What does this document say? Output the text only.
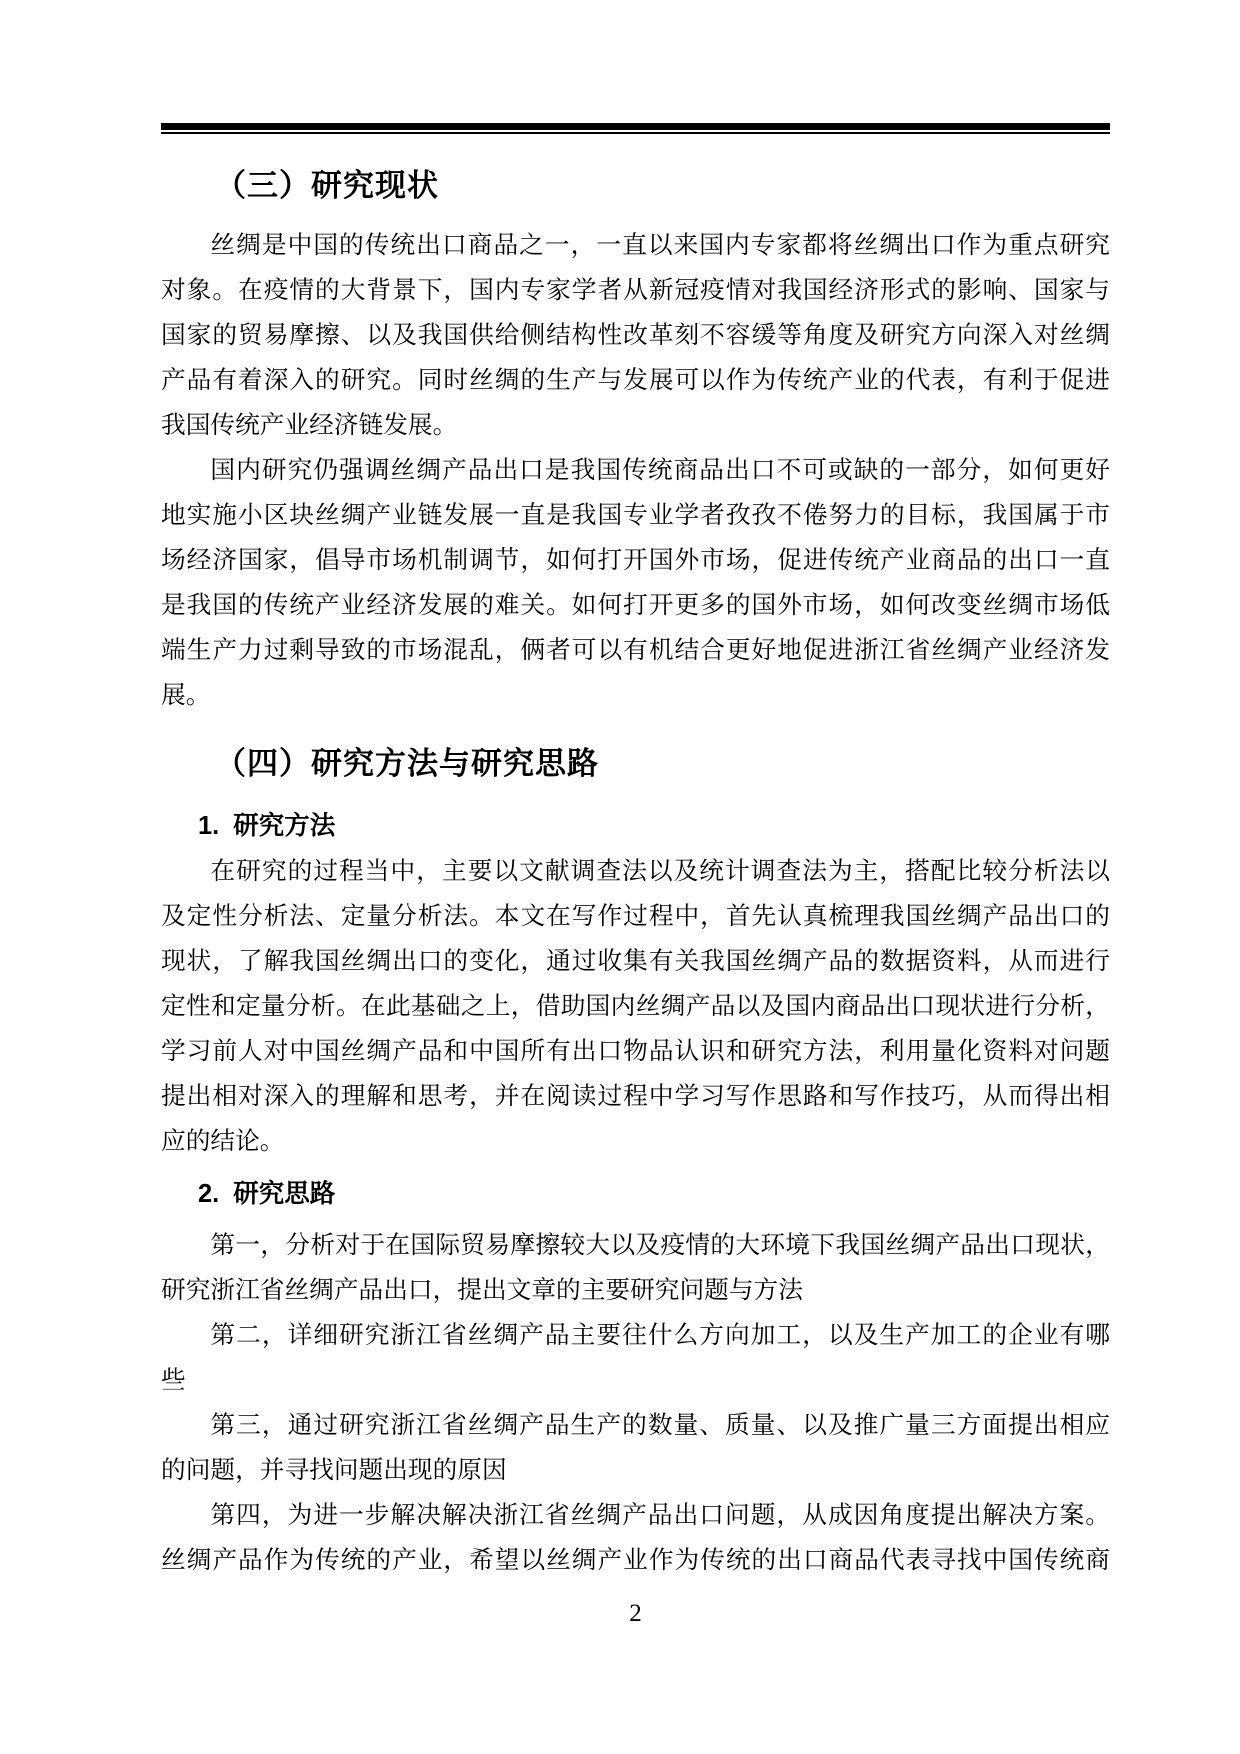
（三）研究现状
丝绸是中国的传统出口商品之一，一直以来国内专家都将丝绸出口作为重点研究
对象。在疫情的大背景下，国内专家学者从新冠疫情对我国经济形式的影响、国家与
国家的贸易摩擦、以及我国供给侧结构性改革刻不容缓等角度及研究方向深入对丝绸
产品有着深入的研究。同时丝绸的生产与发展可以作为传统产业的代表，有利于促进
我国传统产业经济链发展。
国内研究仍强调丝绸产品出口是我国传统商品出口不可或缺的一部分，如何更好
地实施小区块丝绸产业链发展一直是我国专业学者孜孜不倦努力的目标，我国属于市
场经济国家，倡导市场机制调节，如何打开国外市场，促进传统产业商品的出口一直
是我国的传统产业经济发展的难关。如何打开更多的国外市场，如何改变丝绸市场低
端生产力过剩导致的市场混乱，俩者可以有机结合更好地促进浙江省丝绸产业经济发
展。
（四）研究方法与研究思路
1. 研究方法
在研究的过程当中，主要以文献调查法以及统计调查法为主，搭配比较分析法以
及定性分析法、定量分析法。本文在写作过程中，首先认真梳理我国丝绸产品出口的
现状，了解我国丝绸出口的变化，通过收集有关我国丝绸产品的数据资料，从而进行
定性和定量分析。在此基础之上，借助国内丝绸产品以及国内商品出口现状进行分析，
学习前人对中国丝绸产品和中国所有出口物品认识和研究方法，利用量化资料对问题
提出相对深入的理解和思考，并在阅读过程中学习写作思路和写作技巧，从而得出相
应的结论。
2. 研究思路
第一，分析对于在国际贸易摩擦较大以及疫情的大环境下我国丝绸产品出口现状，
研究浙江省丝绸产品出口，提出文章的主要研究问题与方法
第二，详细研究浙江省丝绸产品主要往什么方向加工，以及生产加工的企业有哪
些
第三，通过研究浙江省丝绸产品生产的数量、质量、以及推广量三方面提出相应
的问题，并寻找问题出现的原因
第四，为进一步解决解决浙江省丝绸产品出口问题，从成因角度提出解决方案。
丝绸产品作为传统的产业，希望以丝绸产业作为传统的出口商品代表寻找中国传统商
2
